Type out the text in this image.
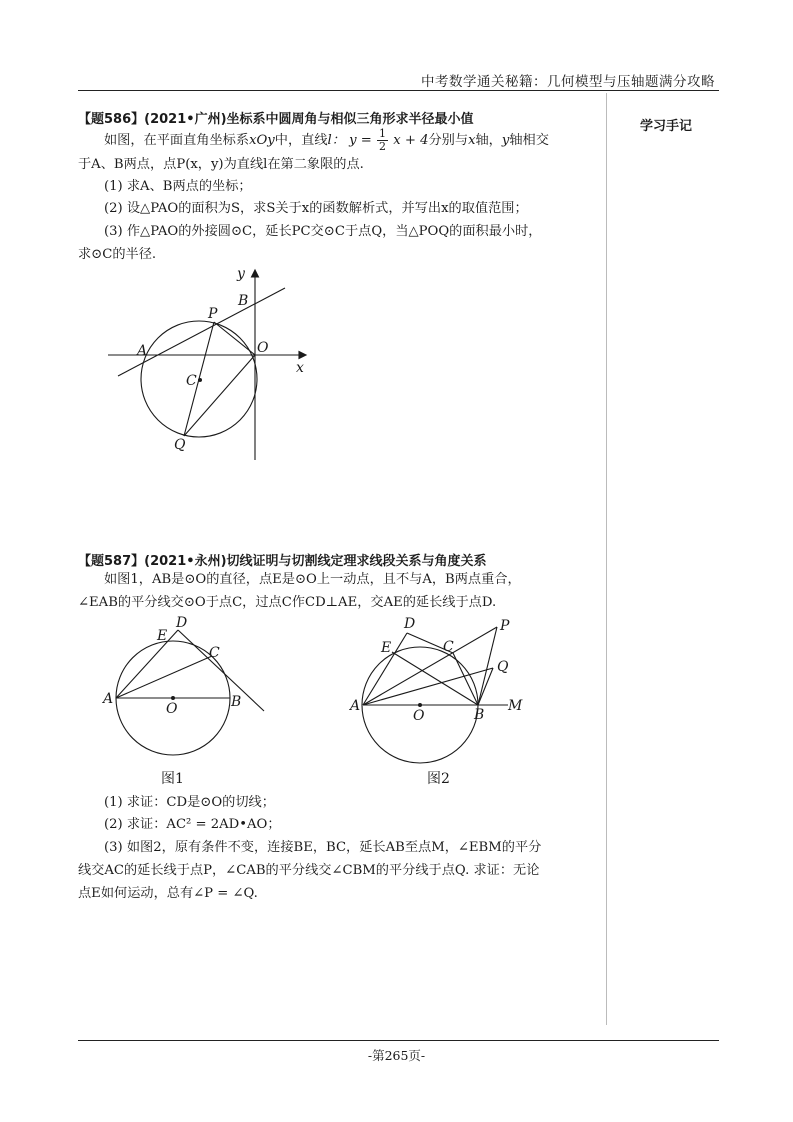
中考数学通关秘籍：几何模型与压轴题满分攻略
学习手记
【题586】(2021•广州)坐标系中圆周角与相似三角形求半径最小值
如图，在平面直角坐标系xOy中，直线l： $y = \frac{1}{2}$ x + 4分别与x轴，y轴相交
于A、B两点，点P(x，y)为直线l在第二象限的点.
(1) 求A、B两点的坐标；
(2) 设△PAO的面积为S，求S关于x的函数解析式，并写出x的取值范围；
(3) 作△PAO的外接圆⊙C，延长PC交⊙C于点Q，当△POQ的面积最小时，
求⊙C的半径.
y
B
P
A	O
x
C
Q
【题587】(2021•永州)切线证明与切割线定理求线段关系与角度关系
如图1，AB是⊙O的直径，点E是⊙O上一动点，且不与A，B两点重合，
∠EAB的平分线交⊙O于点C，过点C作CD⊥AE，交AE的延长线于点D.
D
E
C
A
O	B
图1
D	P
E	C
Q
A
O	B
M
图2
(1) 求证：CD是⊙O的切线；
(2) 求证：AC² = 2AD•AO；
(3) 如图2，原有条件不变，连接BE，BC，延长AB至点M，∠EBM的平分
线交AC的延长线于点P，∠CAB的平分线交∠CBM的平分线于点Q. 求证：无论
点E如何运动，总有∠P = ∠Q.
-第265页-
